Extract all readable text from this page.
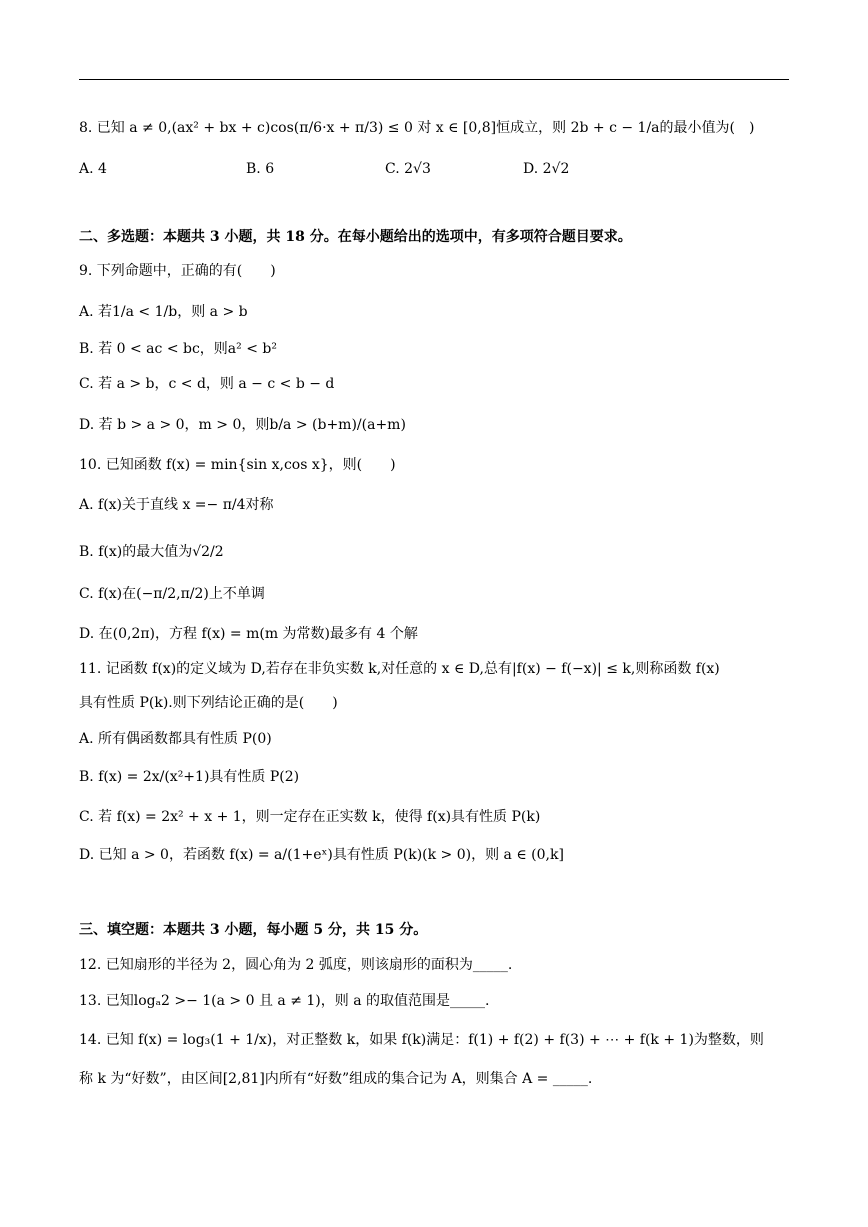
8. 已知 a ≠ 0,(ax² + bx + c)cos(π/6·x + π/3) ≤ 0 对 x ∈ [0,8]恒成立，则 2b + c − 1/a的最小值为(　)
A. 4	B. 6	C. 2√3	D. 2√2
二、多选题：本题共 3 小题，共 18 分。在每小题给出的选项中，有多项符合题目要求。
9. 下列命题中，正确的有(　　)
A. 若1/a < 1/b，则 a > b
B. 若 0 < ac < bc，则a² < b²
C. 若 a > b，c < d，则 a − c < b − d
D. 若 b > a > 0，m > 0，则b/a > (b+m)/(a+m)
10. 已知函数 f(x) = min{sin x,cos x}，则(　　)
A. f(x)关于直线 x =− π/4对称
B. f(x)的最大值为√2/2
C. f(x)在(−π/2,π/2)上不单调
D. 在(0,2π)，方程 f(x) = m(m 为常数)最多有 4 个解
11. 记函数 f(x)的定义域为 D,若存在非负实数 k,对任意的 x ∈ D,总有|f(x) − f(−x)| ≤ k,则称函数 f(x)
具有性质 P(k).则下列结论正确的是(　　)
A. 所有偶函数都具有性质 P(0)
B. f(x) = 2x/(x²+1)具有性质 P(2)
C. 若 f(x) = 2x² + x + 1，则一定存在正实数 k，使得 f(x)具有性质 P(k)
D. 已知 a > 0，若函数 f(x) = a/(1+eˣ)具有性质 P(k)(k > 0)，则 a ∈ (0,k]
三、填空题：本题共 3 小题，每小题 5 分，共 15 分。
12. 已知扇形的半径为 2，圆心角为 2 弧度，则该扇形的面积为_____.
13. 已知logₐ2 >− 1(a > 0 且 a ≠ 1)，则 a 的取值范围是_____.
14. 已知 f(x) = log₃(1 + 1/x)，对正整数 k，如果 f(k)满足：f(1) + f(2) + f(3) + ⋯ + f(k + 1)为整数，则
称 k 为“好数”，由区间[2,81]内所有“好数”组成的集合记为 A，则集合 A = _____.
